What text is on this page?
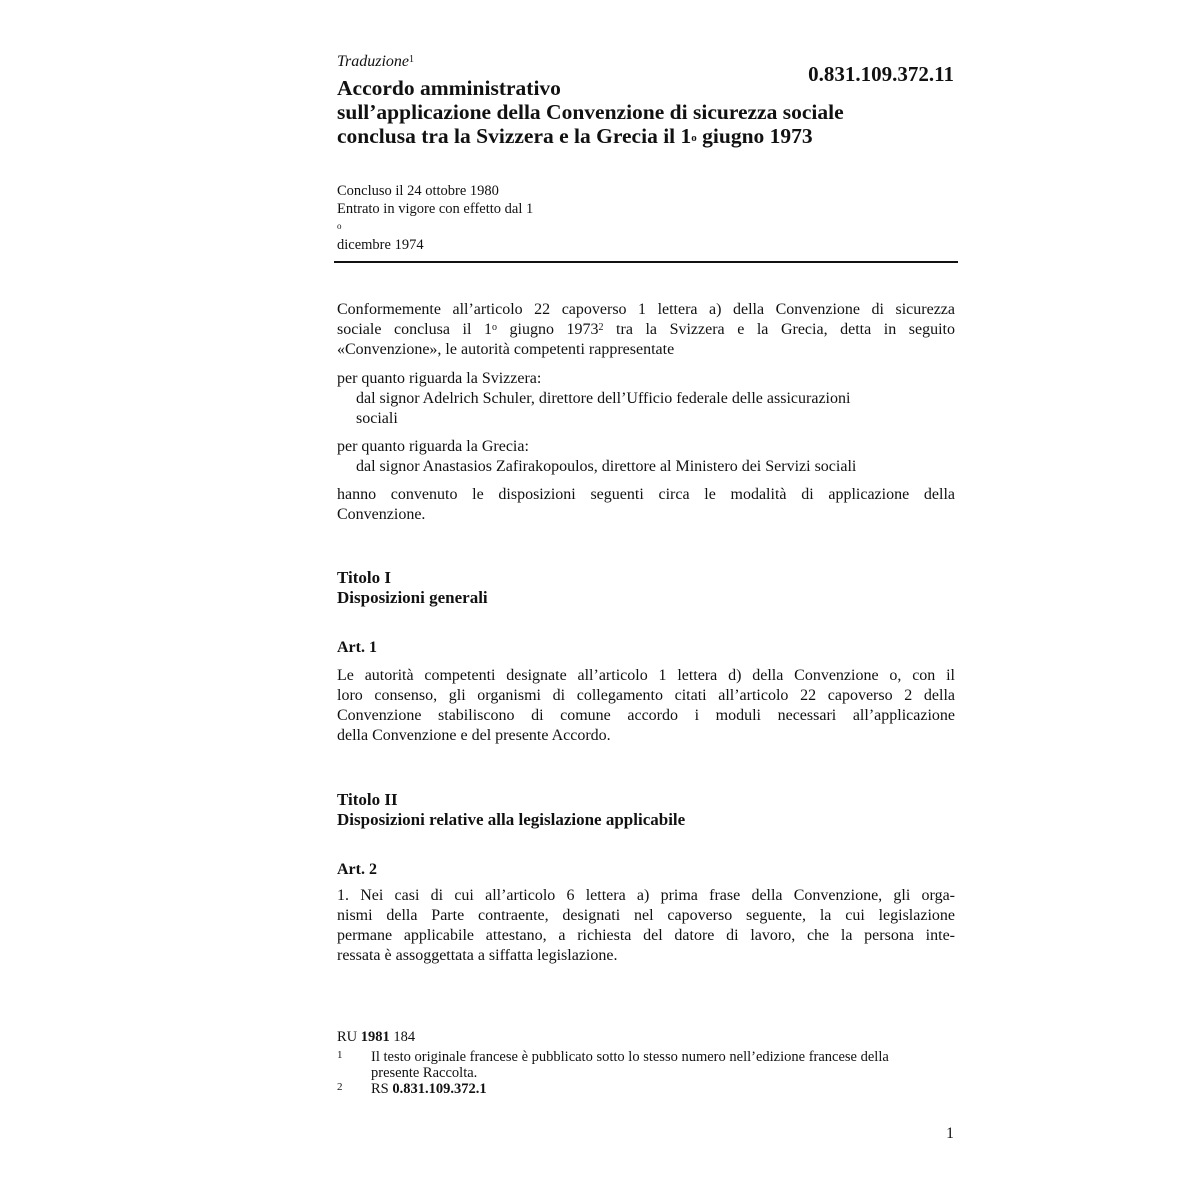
Traduzione$^1$
0.831.109.372.11
Accordo amministrativo
sull’applicazione della Convenzione di sicurezza sociale
conclusa tra la Svizzera e la Grecia il 1$^o$ giugno 1973
Concluso il 24 ottobre 1980
Entrato in vigore con effetto dal 1
$^o$
dicembre 1974
Conformemente all’articolo 22 capoverso 1 lettera a) della Convenzione di sicurezza
sociale conclusa il 1$^o$ giugno 1973$^2$ tra la Svizzera e la Grecia, detta in seguito
«Convenzione», le autorità competenti rappresentate
per quanto riguarda la Svizzera:
dal signor Adelrich Schuler, direttore dell’Ufficio federale delle assicurazioni
sociali
per quanto riguarda la Grecia:
dal signor Anastasios Zafirakopoulos, direttore al Ministero dei Servizi sociali
hanno convenuto le disposizioni seguenti circa le modalità di applicazione della
Convenzione.
Titolo I
Disposizioni generali
Art. 1
Le autorità competenti designate all’articolo 1 lettera d) della Convenzione o, con il
loro consenso, gli organismi di collegamento citati all’articolo 22 capoverso 2 della
Convenzione stabiliscono di comune accordo i moduli necessari all’applicazione
della Convenzione e del presente Accordo.
Titolo II
Disposizioni relative alla legislazione applicabile
Art. 2
1. Nei casi di cui all’articolo 6 lettera a) prima frase della Convenzione, gli orga-
nismi della Parte contraente, designati nel capoverso seguente, la cui legislazione
permane applicabile attestano, a richiesta del datore di lavoro, che la persona inte-
ressata è assoggettata a siffatta legislazione.
RU 1981 184
1 Il testo originale francese è pubblicato sotto lo stesso numero nell’edizione francese della
presente Raccolta.
2 RS 0.831.109.372.1
1
